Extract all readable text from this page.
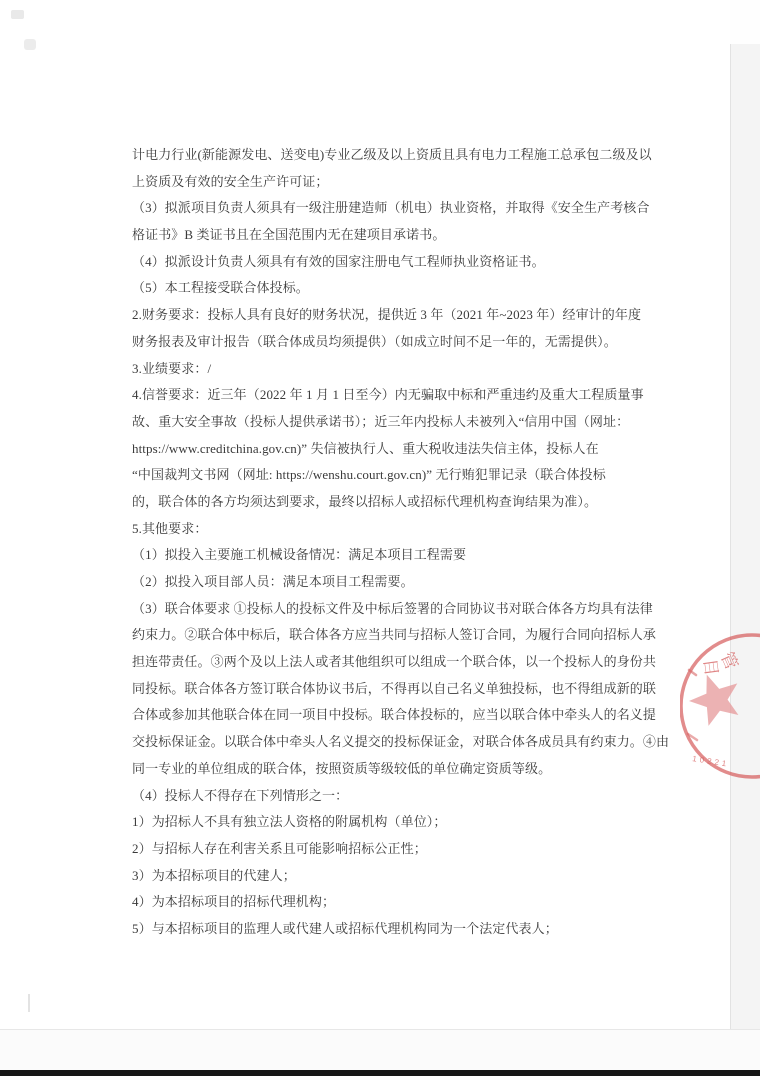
计电力行业(新能源发电、送变电)专业乙级及以上资质且具有电力工程施工总承包二级及以
上资质及有效的安全生产许可证；
（3）拟派项目负责人须具有一级注册建造师（机电）执业资格，并取得《安全生产考核合
格证书》B 类证书且在全国范围内无在建项目承诺书。
（4）拟派设计负责人须具有有效的国家注册电气工程师执业资格证书。
（5）本工程接受联合体投标。
2.财务要求：投标人具有良好的财务状况，提供近 3 年（2021 年~2023 年）经审计的年度
财务报表及审计报告（联合体成员均须提供）（如成立时间不足一年的，无需提供）。
3.业绩要求：/
4.信誉要求：近三年（2022 年 1 月 1 日至今）内无骗取中标和严重违约及重大工程质量事
故、重大安全事故（投标人提供承诺书）；近三年内投标人未被列入“信用中国（网址：
https://www.creditchina.gov.cn)” 失信被执行人、重大税收违法失信主体，投标人在
“中国裁判文书网（网址: https://wenshu.court.gov.cn)” 无行贿犯罪记录（联合体投标
的，联合体的各方均须达到要求，最终以招标人或招标代理机构查询结果为准）。
5.其他要求：
（1）拟投入主要施工机械设备情况：满足本项目工程需要
（2）拟投入项目部人员：满足本项目工程需要。
（3）联合体要求 ①投标人的投标文件及中标后签署的合同协议书对联合体各方均具有法律
约束力。②联合体中标后，联合体各方应当共同与招标人签订合同，为履行合同向招标人承
担连带责任。③两个及以上法人或者其他组织可以组成一个联合体，以一个投标人的身份共
同投标。联合体各方签订联合体协议书后，不得再以自己名义单独投标，也不得组成新的联
合体或参加其他联合体在同一项目中投标。联合体投标的，应当以联合体中牵头人的名义提
交投标保证金。以联合体中牵头人名义提交的投标保证金，对联合体各成员具有约束力。④由
同一专业的单位组成的联合体，按照资质等级较低的单位确定资质等级。
（4）投标人不得存在下列情形之一：
1）为招标人不具有独立法人资格的附属机构（单位）；
2）与招标人存在利害关系且可能影响招标公正性；
3）为本招标项目的代建人；
4）为本招标项目的招标代理机构；
5）与本招标项目的监理人或代建人或招标代理机构同为一个法定代表人；
目
管
10221
